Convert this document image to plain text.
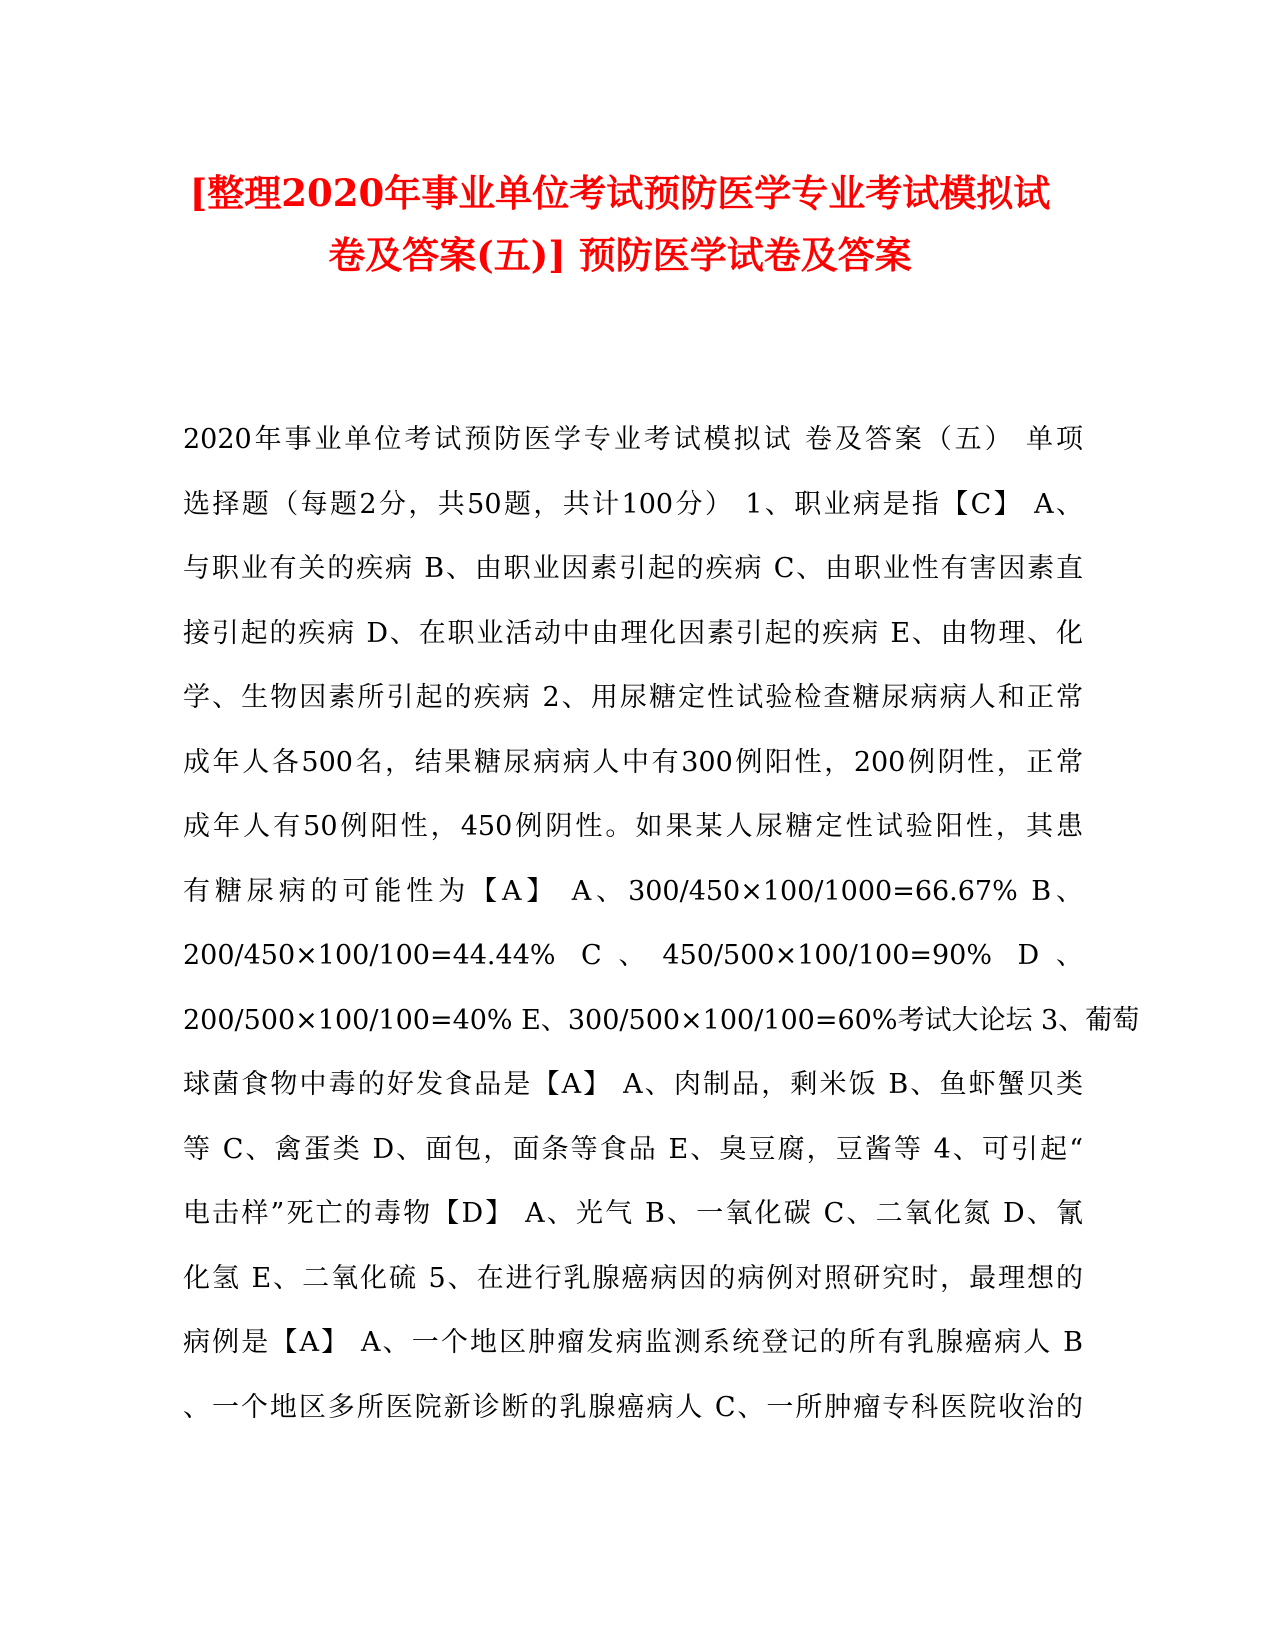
[整理2020年事业单位考试预防医学专业考试模拟试
卷及答案(五)] 预防医学试卷及答案
2020年事业单位考试预防医学专业考试模拟试 卷及答案（五） 单项
选择题（每题2分，共50题，共计100分） 1、职业病是指【C】 A、
与职业有关的疾病 B、由职业因素引起的疾病 C、由职业性有害因素直
接引起的疾病 D、在职业活动中由理化因素引起的疾病 E、由物理、化
学、生物因素所引起的疾病 2、用尿糖定性试验检查糖尿病病人和正常
成年人各500名，结果糖尿病病人中有300例阳性，200例阴性，正常
成年人有50例阳性，450例阴性。如果某人尿糖定性试验阳性，其患
有糖尿病的可能性为【A】 A、300/450×100/1000=66.67% B、
200/450×100/100=44.44% C、450/500×100/100=90% D、
200/500×100/100=40% E、300/500×100/100=60%考试大论坛 3、葡萄
球菌食物中毒的好发食品是【A】 A、肉制品，剩米饭 B、鱼虾蟹贝类
等 C、禽蛋类 D、面包，面条等食品 E、臭豆腐，豆酱等 4、可引起“
电击样”死亡的毒物【D】 A、光气 B、一氧化碳 C、二氧化氮 D、氰
化氢 E、二氧化硫 5、在进行乳腺癌病因的病例对照研究时，最理想的
病例是【A】 A、一个地区肿瘤发病监测系统登记的所有乳腺癌病人 B
、一个地区多所医院新诊断的乳腺癌病人 C、一所肿瘤专科医院收治的
